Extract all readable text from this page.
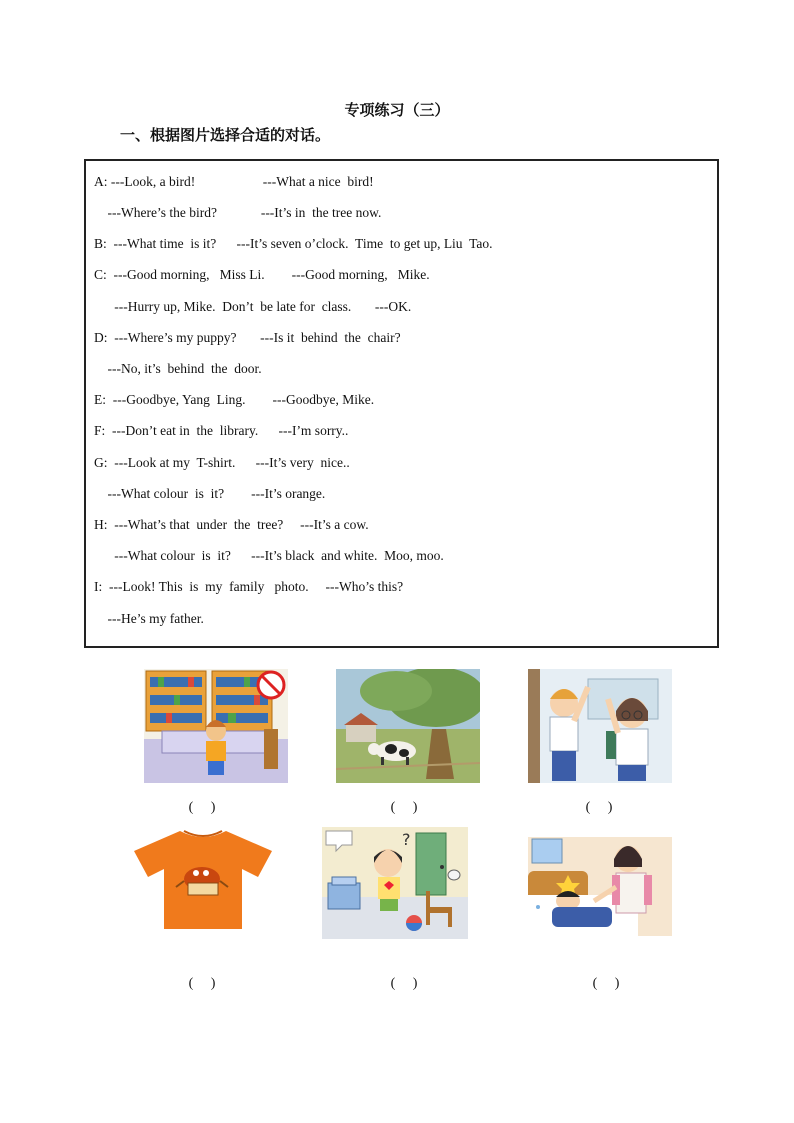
专项练习（三）
一、根据图片选择合适的对话。
A: ---Look, a bird!                    ---What a nice  bird!
---Where’s the bird?             ---It’s in  the tree now.
B:  ---What time  is it?      ---It’s seven o’clock.  Time  to get up, Liu  Tao.
C:  ---Good morning,   Miss Li.        ---Good morning,   Mike.
---Hurry up, Mike.  Don’t  be late for  class.       ---OK.
D:  ---Where’s my puppy?       ---Is it  behind  the  chair?
---No, it’s  behind  the  door.
E:  ---Goodbye, Yang  Ling.        ---Goodbye, Mike.
F:  ---Don’t eat in  the  library.      ---I’m sorry..
G:  ---Look at my  T-shirt.      ---It’s very  nice..
---What colour  is  it?        ---It’s orange.
H:  ---What’s that  under  the  tree?     ---It’s a cow.
---What colour  is  it?      ---It’s black  and white.  Moo, moo.
I:  ---Look! This  is  my  family   photo.     ---Who’s this?
---He’s my father.
?
(     )	(     )	(     )
(     )	(     )	(     )
